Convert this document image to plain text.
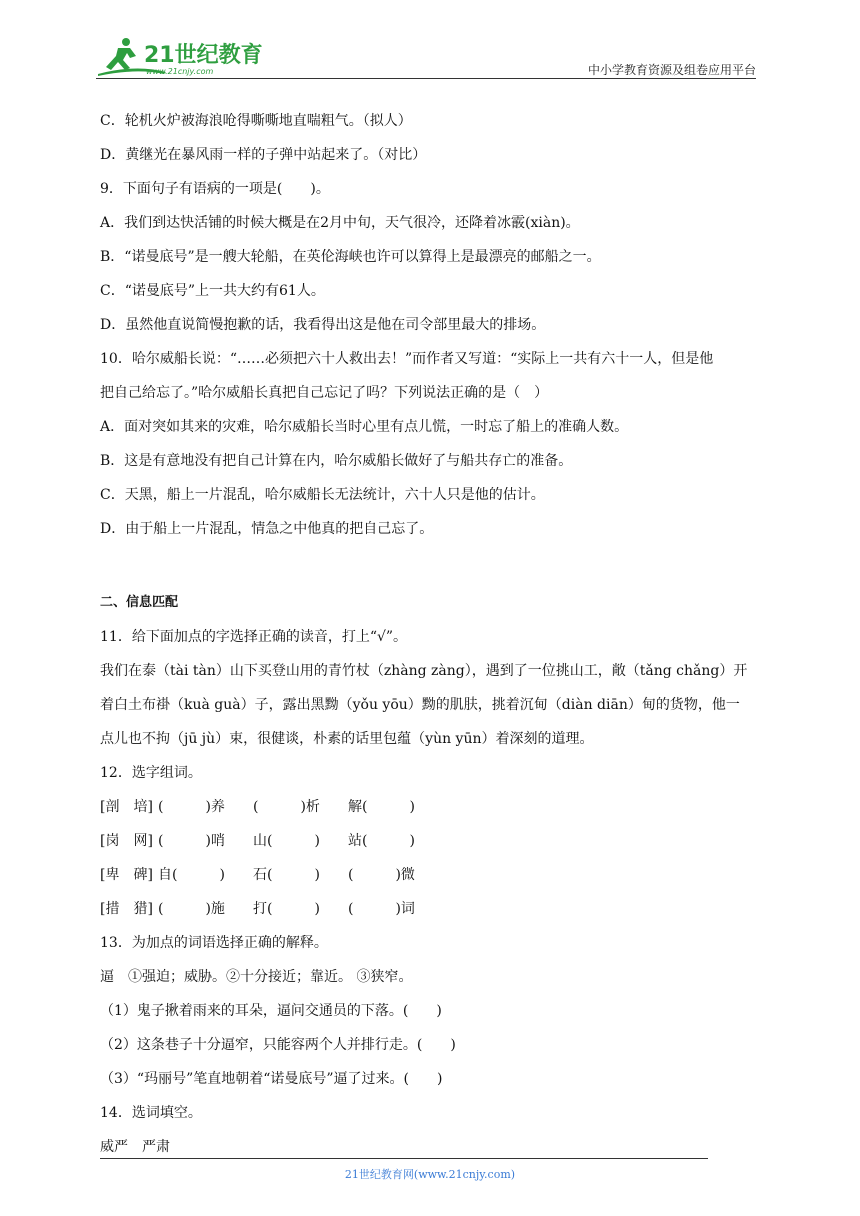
21世纪教育
www.21cnjy.com	中小学教育资源及组卷应用平台
C．轮机火炉被海浪呛得嘶嘶地直喘粗气。（拟人）
D．黄继光在暴风雨一样的子弹中站起来了。（对比）
9．下面句子有语病的一项是(　　)。
A．我们到达快活铺的时候大概是在2月中旬，天气很冷，还降着冰霰(xiàn)。
B．“诺曼底号”是一艘大轮船，在英伦海峡也许可以算得上是最漂亮的邮船之一。
C．“诺曼底号”上一共大约有61人。
D．虽然他直说简慢抱歉的话，我看得出这是他在司令部里最大的排场。
10．哈尔威船长说：“……必须把六十人救出去！”而作者又写道：“实际上一共有六十一人，但是他
把自己给忘了。”哈尔威船长真把自己忘记了吗？下列说法正确的是（　）
A．面对突如其来的灾难，哈尔威船长当时心里有点儿慌，一时忘了船上的准确人数。
B．这是有意地没有把自己计算在内，哈尔威船长做好了与船共存亡的准备。
C．天黑，船上一片混乱，哈尔威船长无法统计，六十人只是他的估计。
D．由于船上一片混乱，情急之中他真的把自己忘了。
二、信息匹配
11．给下面加点的字选择正确的读音，打上“√”。
我们在泰（tài tàn）山下买登山用的青竹杖（zhàng zàng），遇到了一位挑山工，敞（tǎng chǎng）开
着白土布褂（kuà guà）子，露出黑黝（yǒu yōu）黝的肌肤，挑着沉甸（diàn diān）甸的货物，他一
点儿也不拘（jū jù）束，很健谈，朴素的话里包蕴（yùn yūn）着深刻的道理。
12．选字组词。
[剖　培] (　　　)养	(　　　)析	解(　　　)
[岗　网] (　　　)哨	山(　　　)	站(　　　)
[卑　碑] 自(　　　)	石(　　　)	(　　　)微
[措　猎] (　　　)施	打(　　　)	(　　　)词
13．为加点的词语选择正确的解释。
逼　①强迫；威胁。②十分接近；靠近。 ③狭窄。
（1）鬼子揪着雨来的耳朵，逼问交通员的下落。(　　)
（2）这条巷子十分逼窄，只能容两个人并排行走。(　　)
（3）“玛丽号”笔直地朝着“诺曼底号”逼了过来。(　　)
14．选词填空。
威严　严肃
21世纪教育网(www.21cnjy.com)
